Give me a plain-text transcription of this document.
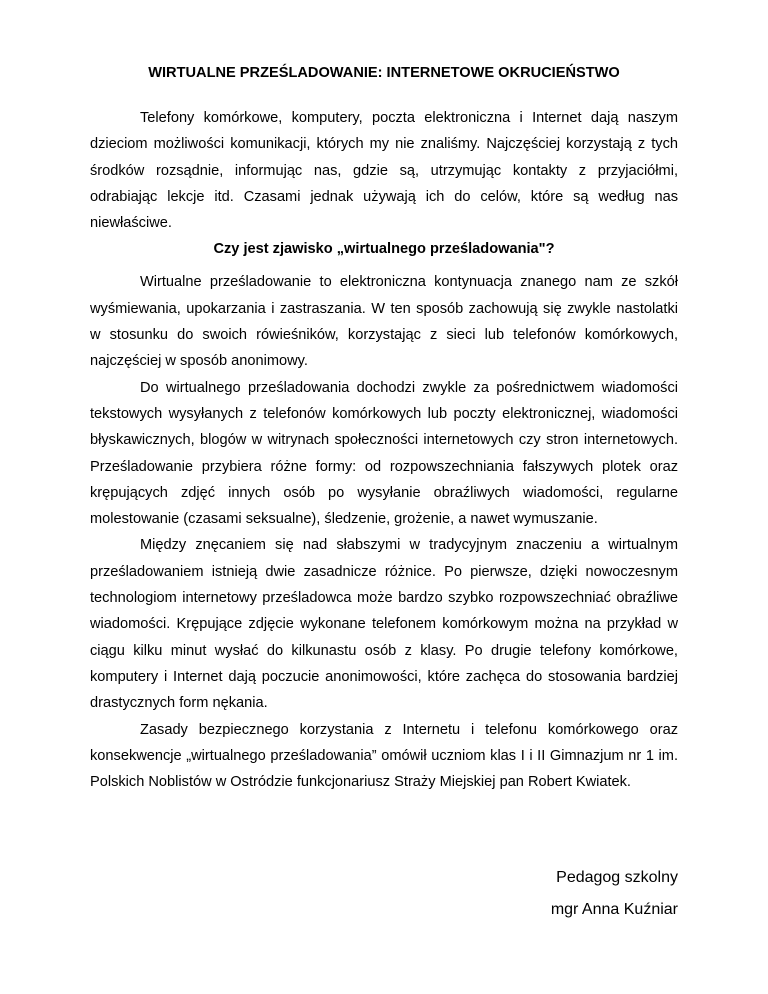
WIRTUALNE PRZEŚLADOWANIE: INTERNETOWE OKRUCIEŃSTWO

Telefony komórkowe, komputery, poczta elektroniczna i Internet dają naszym dzieciom możliwości komunikacji, których my nie znaliśmy. Najczęściej korzystają z tych środków rozsądnie, informując nas, gdzie są, utrzymując kontakty z przyjaciółmi, odrabiając lekcje itd. Czasami jednak używają ich do celów, które są według nas niewłaściwe.

Czy jest zjawisko „wirtualnego prześladowania"?

Wirtualne prześladowanie to elektroniczna kontynuacja znanego nam ze szkół wyśmiewania, upokarzania i zastraszania. W ten sposób zachowują się zwykle nastolatki w stosunku do swoich rówieśników, korzystając z sieci lub telefonów komórkowych, najczęściej w sposób anonimowy.

Do wirtualnego prześladowania dochodzi zwykle za pośrednictwem wiadomości tekstowych wysyłanych z telefonów komórkowych lub poczty elektronicznej, wiadomości błyskawicznych, blogów w witrynach społeczności internetowych czy stron internetowych. Prześladowanie przybiera różne formy: od rozpowszechniania fałszywych plotek oraz krępujących zdjęć innych osób po wysyłanie obraźliwych wiadomości, regularne molestowanie (czasami seksualne), śledzenie, grożenie, a nawet wymuszanie.

Między znęcaniem się nad słabszymi w tradycyjnym znaczeniu a wirtualnym prześladowaniem istnieją dwie zasadnicze różnice. Po pierwsze, dzięki nowoczesnym technologiom internetowy prześladowca może bardzo szybko rozpowszechniać obraźliwe wiadomości. Krępujące zdjęcie wykonane telefonem komórkowym można na przykład w ciągu kilku minut wysłać do kilkunastu osób z klasy. Po drugie telefony komórkowe, komputery i Internet dają poczucie anonimowości, które zachęca do stosowania bardziej drastycznych form nękania.

Zasady bezpiecznego korzystania z Internetu i telefonu komórkowego oraz konsekwencje „wirtualnego prześladowania” omówił uczniom klas I i II Gimnazjum nr 1 im. Polskich Noblistów w Ostródzie funkcjonariusz Straży Miejskiej pan Robert Kwiatek.

Pedagog szkolny
mgr Anna Kuźniar
